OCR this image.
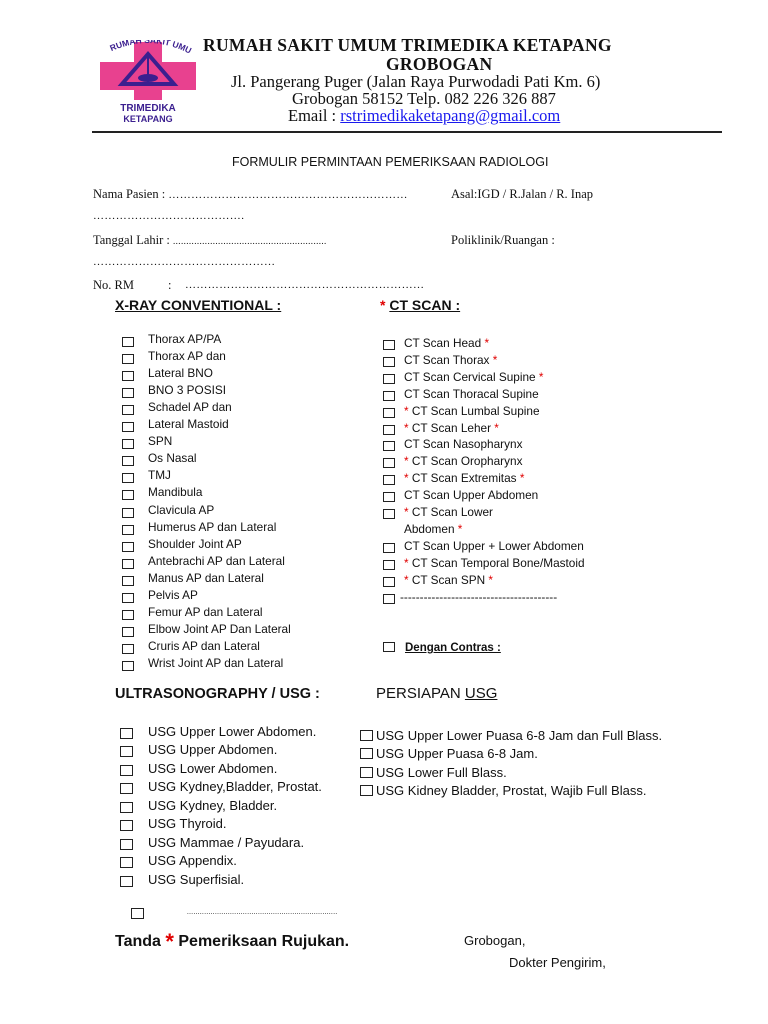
RUMAH SAKIT UMU
TRIMEDIKA
KETAPANG
RUMAH SAKIT UMUM TRIMEDIKA KETAPANG
GROBOGAN
Jl. Pangerang Puger (Jalan Raya Purwodadi Pati Km. 6)
Grobogan 58152 Telp. 082 226 326 887
Email : rstrimedikaketapang@gmail.com
FORMULIR PERMINTAAN PEMERIKSAAN RADIOLOGI
Nama Pasien : ………………………………………………………	Asal:IGD / R.Jalan / R. Inap
………………………………….
Tanggal Lahir : ..........................................................	Poliklinik/Ruangan :
…………………………………………
No. RM	: ………………………………………………………
X-RAY CONVENTIONAL :
Thorax AP/PA
Thorax AP dan
Lateral BNO
BNO 3 POSISI
Schadel AP dan
Lateral Mastoid
SPN
Os Nasal
TMJ
Mandibula
Clavicula AP
Humerus AP dan Lateral
Shoulder Joint AP
Antebrachi AP dan Lateral
Manus AP dan Lateral
Pelvis AP
Femur AP dan Lateral
Elbow Joint AP Dan Lateral
Cruris AP dan Lateral
Wrist Joint AP dan Lateral
* CT SCAN :
CT Scan Head *
CT Scan Thorax *
CT Scan Cervical Supine *
CT Scan Thoracal Supine
* CT Scan Lumbal Supine
* CT Scan Leher *
CT Scan Nasopharynx
* CT Scan Oropharynx
* CT Scan Extremitas *
CT Scan Upper Abdomen
* CT Scan Lower
Abdomen *
CT Scan Upper + Lower Abdomen
* CT Scan Temporal Bone/Mastoid
* CT Scan SPN *
----------------------------------------
Dengan Contras :
ULTRASONOGRAPHY / USG :
USG Upper Lower Abdomen.
USG Upper Abdomen.
USG Lower Abdomen.
USG Kydney,Bladder, Prostat.
USG Kydney, Bladder.
USG Thyroid.
USG Mammae / Payudara.
USG Appendix.
USG Superfisial.
PERSIAPAN USG
USG Upper Lower Puasa 6-8 Jam dan Full Blass.
USG Upper Puasa 6-8 Jam.
USG Lower Full Blass.
USG Kidney Bladder, Prostat, Wajib Full Blass.
......................................................................
Tanda * Pemeriksaan Rujukan.	Grobogan,
Dokter Pengirim,
